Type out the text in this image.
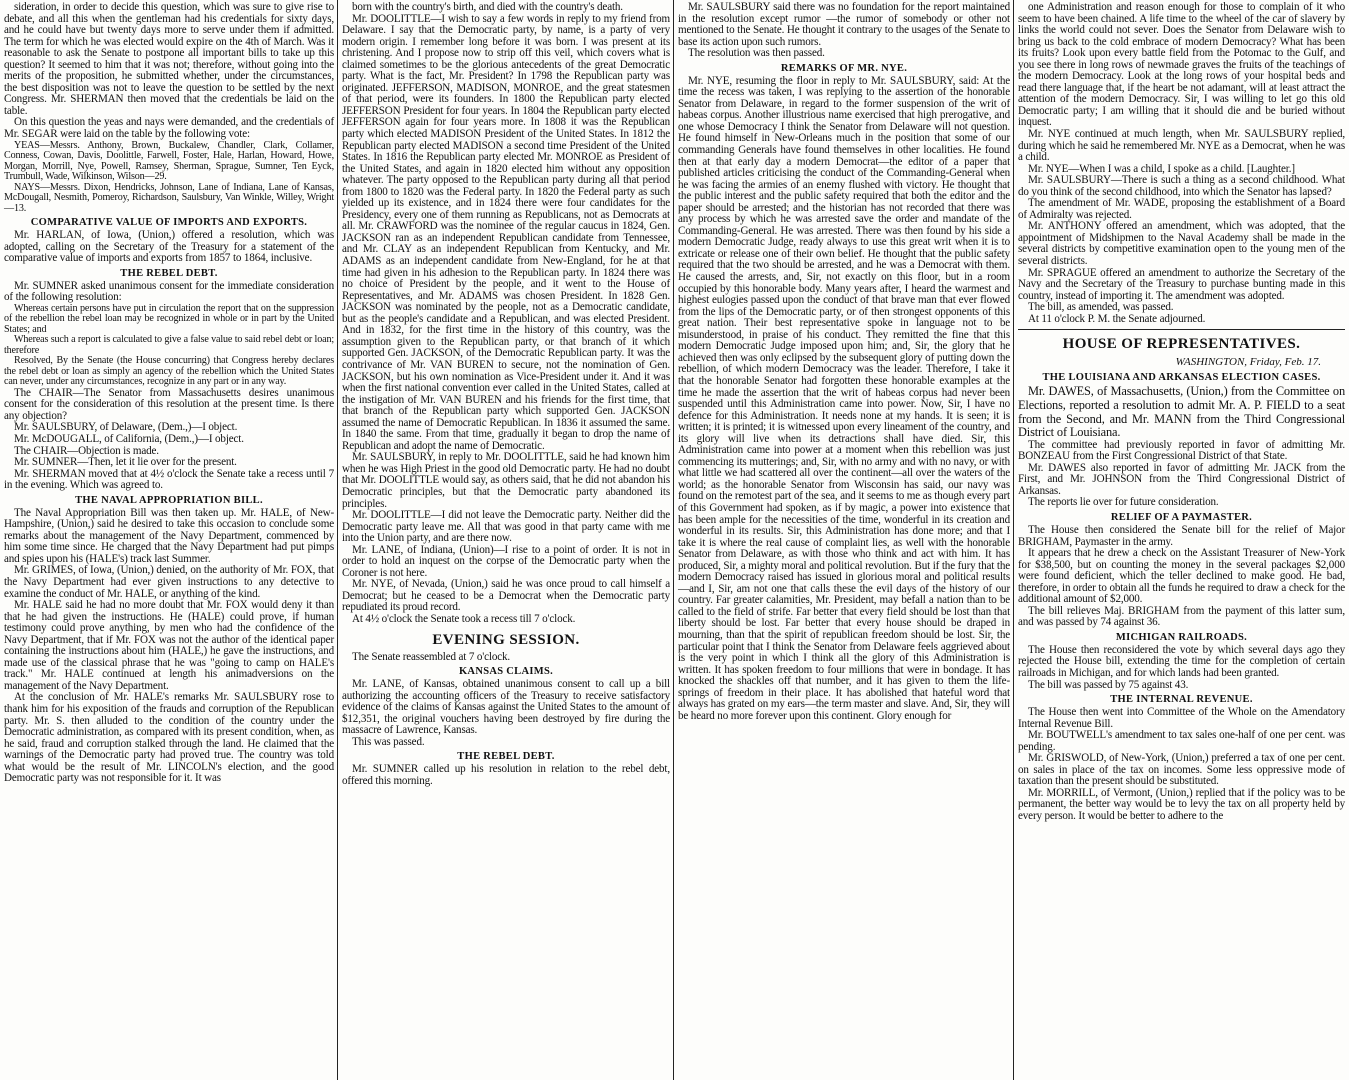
sideration, in order to decide this question, which was sure to give rise to debate, and all this when the gentleman had his credentials for sixty days, and he could have but twenty days more to serve under them if admitted. The term for which he was elected would expire on the 4th of March. Was it reasonable to ask the Senate to postpone all important bills to take up this question? It seemed to him that it was not; therefore, without going into the merits of the proposition, he submitted whether, under the circumstances, the best disposition was not to leave the question to be settled by the next Congress. Mr. SHERMAN then moved that the credentials be laid on the table.

On this question the yeas and nays were demanded, and the credentials of Mr. SEGAR were laid on the table by the following vote:

YEAS—Messrs. Anthony, Brown, Buckalew, Chandler, Clark, Collamer, Conness, Cowan, Davis, Doolittle, Farwell, Foster, Hale, Harlan, Howard, Howe, Morgan, Morrill, Nye, Powell, Ramsey, Sherman, Sprague, Sumner, Ten Eyck, Trumbull, Wade, Wilkinson, Wilson—29.

NAYS—Messrs. Dixon, Hendricks, Johnson, Lane of Indiana, Lane of Kansas, McDougall, Nesmith, Pomeroy, Richardson, Saulsbury, Van Winkle, Willey, Wright—13.

COMPARATIVE VALUE OF IMPORTS AND EXPORTS.

Mr. HARLAN, of Iowa, (Union,) offered a resolution, which was adopted, calling on the Secretary of the Treasury for a statement of the comparative value of imports and exports from 1857 to 1864, inclusive.

THE REBEL DEBT.

Mr. SUMNER asked unanimous consent for the immediate consideration of the following resolution:

Whereas certain persons have put in circulation the report that on the suppression of the rebellion the rebel loan may be recognized in whole or in part by the United States; and

Whereas such a report is calculated to give a false value to said rebel debt or loan; therefore

Resolved, By the Senate (the House concurring) that Congress hereby declares the rebel debt or loan as simply an agency of the rebellion which the United States can never, under any circumstances, recognize in any part or in any way.

The CHAIR—The Senator from Massachusetts desires unanimous consent for the consideration of this resolution at the present time. Is there any objection?

Mr. SAULSBURY, of Delaware, (Dem.,)—I object.

Mr. McDOUGALL, of California, (Dem.,)—I object.

The CHAIR—Objection is made.

Mr. SUMNER—Then, let it lie over for the present.

Mr. SHERMAN moved that at 4½ o'clock the Senate take a recess until 7 in the evening. Which was agreed to.

THE NAVAL APPROPRIATION BILL.

The Naval Appropriation Bill was then taken up. Mr. HALE, of New-Hampshire, (Union,) said he desired to take this occasion to conclude some remarks about the management of the Navy Department, commenced by him some time since. He charged that the Navy Department had put pimps and spies upon his (HALE's) track last Summer.

Mr. GRIMES, of Iowa, (Union,) denied, on the authority of Mr. FOX, that the Navy Department had ever given instructions to any detective to examine the conduct of Mr. HALE, or anything of the kind.

Mr. HALE said he had no more doubt that Mr. FOX would deny it than that he had given the instructions. He (HALE) could prove, if human testimony could prove anything, by men who had the confidence of the Navy Department, that if Mr. FOX was not the author of the identical paper containing the instructions about him (HALE,) he gave the instructions, and made use of the classical phrase that he was "going to camp on HALE's track." Mr. HALE continued at length his animadversions on the management of the Navy Department.

At the conclusion of Mr. HALE's remarks Mr. SAULSBURY rose to thank him for his exposition of the frauds and corruption of the Republican party. Mr. S. then alluded to the condition of the country under the Democratic administration, as compared with its present condition, when, as he said, fraud and corruption stalked through the land. He claimed that the warnings of the Democratic party had proved true. The country was told what would be the result of Mr. LINCOLN's election, and the good Democratic party was not responsible for it. It was

born with the country's birth, and died with the country's death.

Mr. DOOLITTLE—I wish to say a few words in reply to my friend from Delaware. I say that the Democratic party, by name, is a party of very modern origin. I remember long before it was born. I was present at its christening. And I propose now to strip off this veil, which covers what is claimed sometimes to be the glorious antecedents of the great Democratic party. What is the fact, Mr. President? In 1798 the Republican party was originated. JEFFERSON, MADISON, MONROE, and the great statesmen of that period, were its founders. In 1800 the Republican party elected JEFFERSON President for four years. In 1804 the Republican party elected JEFFERSON again for four years more. In 1808 it was the Republican party which elected MADISON President of the United States. In 1812 the Republican party elected MADISON a second time President of the United States. In 1816 the Republican party elected Mr. MONROE as President of the United States, and again in 1820 elected him without any opposition whatever. The party opposed to the Republican party during all that period from 1800 to 1820 was the Federal party. In 1820 the Federal party as such yielded up its existence, and in 1824 there were four candidates for the Presidency, every one of them running as Republicans, not as Democrats at all. Mr. CRAWFORD was the nominee of the regular caucus in 1824, Gen. JACKSON ran as an independent Republican candidate from Tennessee, and Mr. CLAY as an independent Republican from Kentucky, and Mr. ADAMS as an independent candidate from New-England, for he at that time had given in his adhesion to the Republican party. In 1824 there was no choice of President by the people, and it went to the House of Representatives, and Mr. ADAMS was chosen President. In 1828 Gen. JACKSON was nominated by the people, not as a Democratic candidate, but as the people's candidate and a Republican, and was elected President. And in 1832, for the first time in the history of this country, was the assumption given to the Republican party, or that branch of it which supported Gen. JACKSON, of the Democratic Republican party. It was the contrivance of Mr. VAN BUREN to secure, not the nomination of Gen. JACKSON, but his own nomination as Vice-President under it. And it was when the first national convention ever called in the United States, called at the instigation of Mr. VAN BUREN and his friends for the first time, that that branch of the Republican party which supported Gen. JACKSON assumed the name of Democratic Republican. In 1836 it assumed the same. In 1840 the same. From that time, gradually it began to drop the name of Republican and adopt the name of Democratic.

Mr. SAULSBURY, in reply to Mr. DOOLITTLE, said he had known him when he was High Priest in the good old Democratic party. He had no doubt that Mr. DOOLITTLE would say, as others said, that he did not abandon his Democratic principles, but that the Democratic party abandoned its principles.

Mr. DOOLITTLE—I did not leave the Democratic party. Neither did the Democratic party leave me. All that was good in that party came with me into the Union party, and are there now.

Mr. LANE, of Indiana, (Union)—I rise to a point of order. It is not in order to hold an inquest on the corpse of the Democratic party when the Coroner is not here.

Mr. NYE, of Nevada, (Union,) said he was once proud to call himself a Democrat; but he ceased to be a Democrat when the Democratic party repudiated its proud record.

At 4½ o'clock the Senate took a recess till 7 o'clock.

EVENING SESSION.

The Senate reassembled at 7 o'clock.

KANSAS CLAIMS.

Mr. LANE, of Kansas, obtained unanimous consent to call up a bill authorizing the accounting officers of the Treasury to receive satisfactory evidence of the claims of Kansas against the United States to the amount of $12,351, the original vouchers having been destroyed by fire during the massacre of Lawrence, Kansas.

This was passed.

THE REBEL DEBT.

Mr. SUMNER called up his resolution in relation to the rebel debt, offered this morning.

Mr. SAULSBURY said there was no foundation for the report maintained in the resolution except rumor —the rumor of somebody or other not mentioned to the Senate. He thought it contrary to the usages of the Senate to base its action upon such rumors.

The resolution was then passed.

REMARKS OF MR. NYE.

Mr. NYE, resuming the floor in reply to Mr. SAULSBURY, said: At the time the recess was taken, I was replying to the assertion of the honorable Senator from Delaware, in regard to the former suspension of the writ of habeas corpus. Another illustrious name exercised that high prerogative, and one whose Democracy I think the Senator from Delaware will not question. He found himself in New-Orleans much in the position that some of our commanding Generals have found themselves in other localities. He found then at that early day a modern Democrat—the editor of a paper that published articles criticising the conduct of the Commanding-General when he was facing the armies of an enemy flushed with victory. He thought that the public interest and the public safety required that both the editor and the paper should be arrested; and the historian has not recorded that there was any process by which he was arrested save the order and mandate of the Commanding-General. He was arrested. There was then found by his side a modern Democratic Judge, ready always to use this great writ when it is to extricate or release one of their own belief. He thought that the public safety required that the two should be arrested, and he was a Democrat with them. He caused the arrests, and, Sir, not exactly on this floor, but in a room occupied by this honorable body. Many years after, I heard the warmest and highest eulogies passed upon the conduct of that brave man that ever flowed from the lips of the Democratic party, or of then strongest opponents of this great nation. Their best representative spoke in language not to be misunderstood, in praise of his conduct. They remitted the fine that this modern Democratic Judge imposed upon him; and, Sir, the glory that he achieved then was only eclipsed by the subsequent glory of putting down the rebellion, of which modern Democracy was the leader. Therefore, I take it that the honorable Senator had forgotten these honorable examples at the time he made the assertion that the writ of habeas corpus had never been suspended until this Administration came into power. Now, Sir, I have no defence for this Administration. It needs none at my hands. It is seen; it is written; it is printed; it is witnessed upon every lineament of the country, and its glory will live when its detractions shall have died. Sir, this Administration came into power at a moment when this rebellion was just commencing its mutterings; and, Sir, with no army and with no navy, or with what little we had scattered all over the continent—all over the waters of the world; as the honorable Senator from Wisconsin has said, our navy was found on the remotest part of the sea, and it seems to me as though every part of this Government had spoken, as if by magic, a power into existence that has been ample for the necessities of the time, wonderful in its creation and wonderful in its results. Sir, this Administration has done more; and that I take it is where the real cause of complaint lies, as well with the honorable Senator from Delaware, as with those who think and act with him. It has produced, Sir, a mighty moral and political revolution. But if the fury that the modern Democracy raised has issued in glorious moral and political results—and I, Sir, am not one that calls these the evil days of the history of our country. Far greater calamities, Mr. President, may befall a nation than to be called to the field of strife. Far better that every field should be lost than that liberty should be lost. Far better that every house should be draped in mourning, than that the spirit of republican freedom should be lost. Sir, the particular point that I think the Senator from Delaware feels aggrieved about is the very point in which I think all the glory of this Administration is written. It has spoken freedom to four millions that were in bondage. It has knocked the shackles off that number, and it has given to them the life-springs of freedom in their place. It has abolished that hateful word that always has grated on my ears—the term master and slave. And, Sir, they will be heard no more forever upon this continent. Glory enough for

one Administration and reason enough for those to complain of it who seem to have been chained. A life time to the wheel of the car of slavery by links the world could not sever. Does the Senator from Delaware wish to bring us back to the cold embrace of modern Democracy? What has been its fruits? Look upon every battle field from the Potomac to the Gulf, and you see there in long rows of newmade graves the fruits of the teachings of the modern Democracy. Look at the long rows of your hospital beds and read there language that, if the heart be not adamant, will at least attract the attention of the modern Democracy. Sir, I was willing to let go this old Democratic party; I am willing that it should die and be buried without inquest.

Mr. NYE continued at much length, when Mr. SAULSBURY replied, during which he said he remembered Mr. NYE as a Democrat, when he was a child.

Mr. NYE—When I was a child, I spoke as a child. [Laughter.]

Mr. SAULSBURY—There is such a thing as a second childhood. What do you think of the second childhood, into which the Senator has lapsed?

The amendment of Mr. WADE, proposing the establishment of a Board of Admiralty was rejected.

Mr. ANTHONY offered an amendment, which was adopted, that the appointment of Midshipmen to the Naval Academy shall be made in the several districts by competitive examination open to the young men of the several districts.

Mr. SPRAGUE offered an amendment to authorize the Secretary of the Navy and the Secretary of the Treasury to purchase bunting made in this country, instead of importing it. The amendment was adopted.

The bill, as amended, was passed.

At 11 o'clock P. M. the Senate adjourned.

HOUSE OF REPRESENTATIVES.
WASHINGTON, Friday, Feb. 17.
THE LOUISIANA AND ARKANSAS ELECTION CASES.

Mr. DAWES, of Massachusetts, (Union,) from the Committee on Elections, reported a resolution to admit Mr. A. P. FIELD to a seat from the Second, and Mr. MANN from the Third Congressional District of Louisiana.

The committee had previously reported in favor of admitting Mr. BONZEAU from the First Congressional District of that State.

Mr. DAWES also reported in favor of admitting Mr. JACK from the First, and Mr. JOHNSON from the Third Congressional District of Arkansas.

The reports lie over for future consideration.

RELIEF OF A PAYMASTER.

The House then considered the Senate bill for the relief of Major BRIGHAM, Paymaster in the army.

It appears that he drew a check on the Assistant Treasurer of New-York for $38,500, but on counting the money in the several packages $2,000 were found deficient, which the teller declined to make good. He bad, therefore, in order to obtain all the funds he required to draw a check for the additional amount of $2,000.

The bill relieves Maj. BRIGHAM from the payment of this latter sum, and was passed by 74 against 36.

MICHIGAN RAILROADS.

The House then reconsidered the vote by which several days ago they rejected the House bill, extending the time for the completion of certain railroads in Michigan, and for which lands had been granted.

The bill was passed by 75 against 43.

THE INTERNAL REVENUE.

The House then went into Committee of the Whole on the Amendatory Internal Revenue Bill.

Mr. BOUTWELL's amendment to tax sales one-half of one per cent. was pending.

Mr. GRISWOLD, of New-York, (Union,) preferred a tax of one per cent. on sales in place of the tax on incomes. Some less oppressive mode of taxation than the present should be substituted.

Mr. MORRILL, of Vermont, (Union,) replied that if the policy was to be permanent, the better way would be to levy the tax on all property held by every person. It would be better to adhere to the
